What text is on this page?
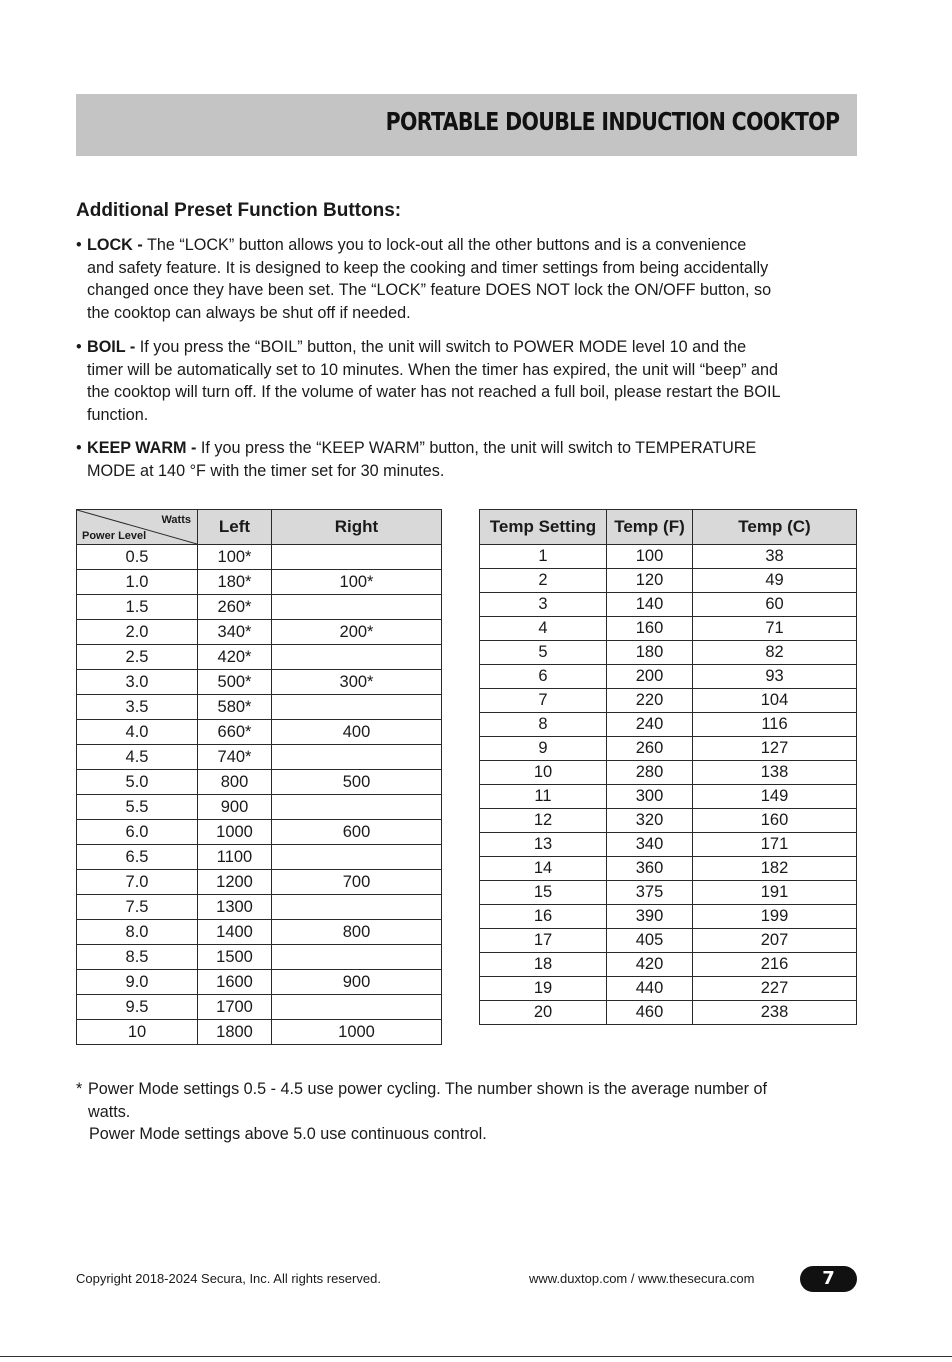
PORTABLE DOUBLE INDUCTION COOKTOP
Additional Preset Function Buttons:
• LOCK - The “LOCK” button allows you to lock-out all the other buttons and is a convenience
and safety feature. It is designed to keep the cooking and timer settings from being accidentally
changed once they have been set. The “LOCK” feature DOES NOT lock the ON/OFF button, so
the cooktop can always be shut off if needed.
• BOIL - If you press the “BOIL” button, the unit will switch to POWER MODE level 10 and the
timer will be automatically set to 10 minutes. When the timer has expired, the unit will “beep” and
the cooktop will turn off. If the volume of water has not reached a full boil, please restart the BOIL
function.
• KEEP WARM - If you press the “KEEP WARM” button, the unit will switch to TEMPERATURE
MODE at 140 °F with the timer set for 30 minutes.
Watts
Power Level	Left	Right
0.5	100*	
1.0	180*	100*
1.5	260*	
2.0	340*	200*
2.5	420*	
3.0	500*	300*
3.5	580*	
4.0	660*	400
4.5	740*	
5.0	800	500
5.5	900	
6.0	1000	600
6.5	1100	
7.0	1200	700
7.5	1300	
8.0	1400	800
8.5	1500	
9.0	1600	900
9.5	1700	
10	1800	1000
Temp Setting	Temp (F)	Temp (C)
1	100	38
2	120	49
3	140	60
4	160	71
5	180	82
6	200	93
7	220	104
8	240	116
9	260	127
10	280	138
11	300	149
12	320	160
13	340	171
14	360	182
15	375	191
16	390	199
17	405	207
18	420	216
19	440	227
20	460	238
* Power Mode settings 0.5 - 4.5 use power cycling. The number shown is the average number of
watts.
Power Mode settings above 5.0 use continuous control.
Copyright 2018-2024 Secura, Inc. All rights reserved.	www.duxtop.com / www.thesecura.com	7
